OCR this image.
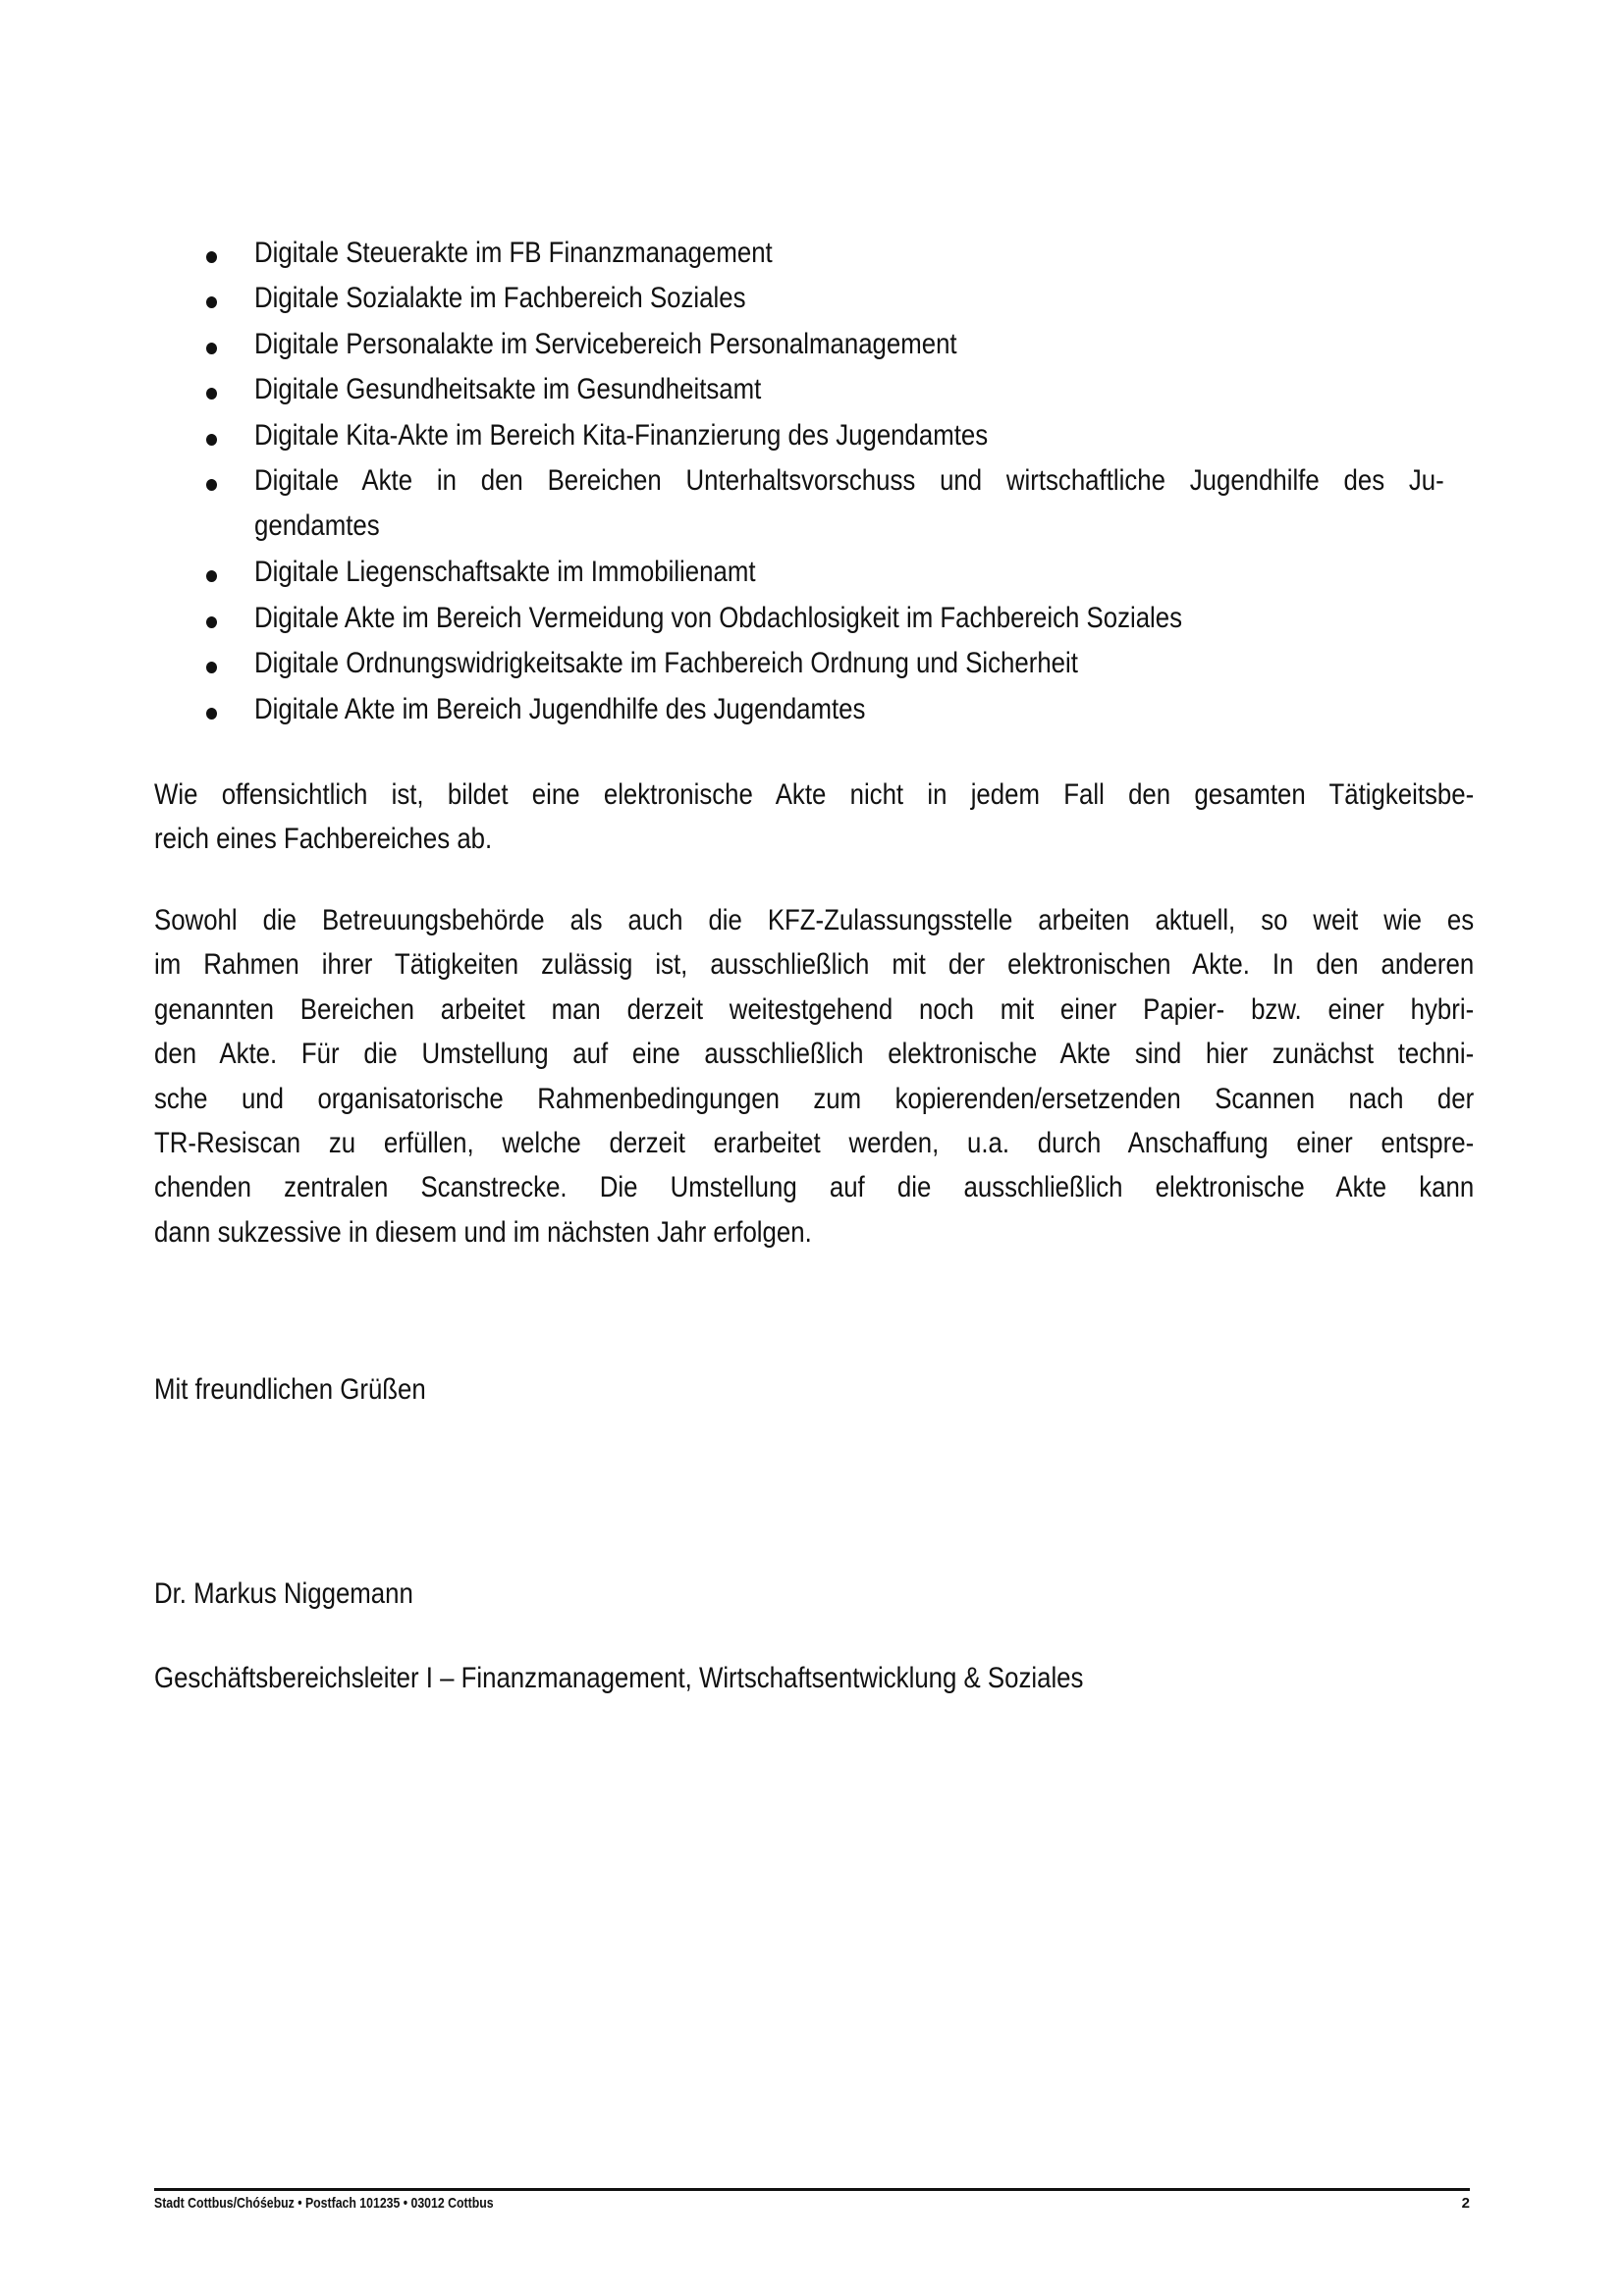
Digitale Steuerakte im FB Finanzmanagement
Digitale Sozialakte im Fachbereich Soziales
Digitale Personalakte im Servicebereich Personalmanagement
Digitale Gesundheitsakte im Gesundheitsamt
Digitale Kita-Akte im Bereich Kita-Finanzierung des Jugendamtes
Digitale Akte in den Bereichen Unterhaltsvorschuss und wirtschaftliche Jugendhilfe des Ju-
gendamtes
Digitale Liegenschaftsakte im Immobilienamt
Digitale Akte im Bereich Vermeidung von Obdachlosigkeit im Fachbereich Soziales
Digitale Ordnungswidrigkeitsakte im Fachbereich Ordnung und Sicherheit
Digitale Akte im Bereich Jugendhilfe des Jugendamtes
Wie offensichtlich ist, bildet eine elektronische Akte nicht in jedem Fall den gesamten Tätigkeitsbe-
reich eines Fachbereiches ab.
Sowohl die Betreuungsbehörde als auch die KFZ-Zulassungsstelle arbeiten aktuell, so weit wie es
im Rahmen ihrer Tätigkeiten zulässig ist, ausschließlich mit der elektronischen Akte. In den anderen
genannten Bereichen arbeitet man derzeit weitestgehend noch mit einer Papier- bzw. einer hybri-
den Akte. Für die Umstellung auf eine ausschließlich elektronische Akte sind hier zunächst techni-
sche und organisatorische Rahmenbedingungen zum kopierenden/ersetzenden Scannen nach der
TR-Resiscan zu erfüllen, welche derzeit erarbeitet werden, u.a. durch Anschaffung einer entspre-
chenden zentralen Scanstrecke. Die Umstellung auf die ausschließlich elektronische Akte kann
dann sukzessive in diesem und im nächsten Jahr erfolgen.
Mit freundlichen Grüßen
Dr. Markus Niggemann
Geschäftsbereichsleiter I – Finanzmanagement, Wirtschaftsentwicklung & Soziales
Stadt Cottbus/Chóśebuz • Postfach 101235 • 03012 Cottbus	2
